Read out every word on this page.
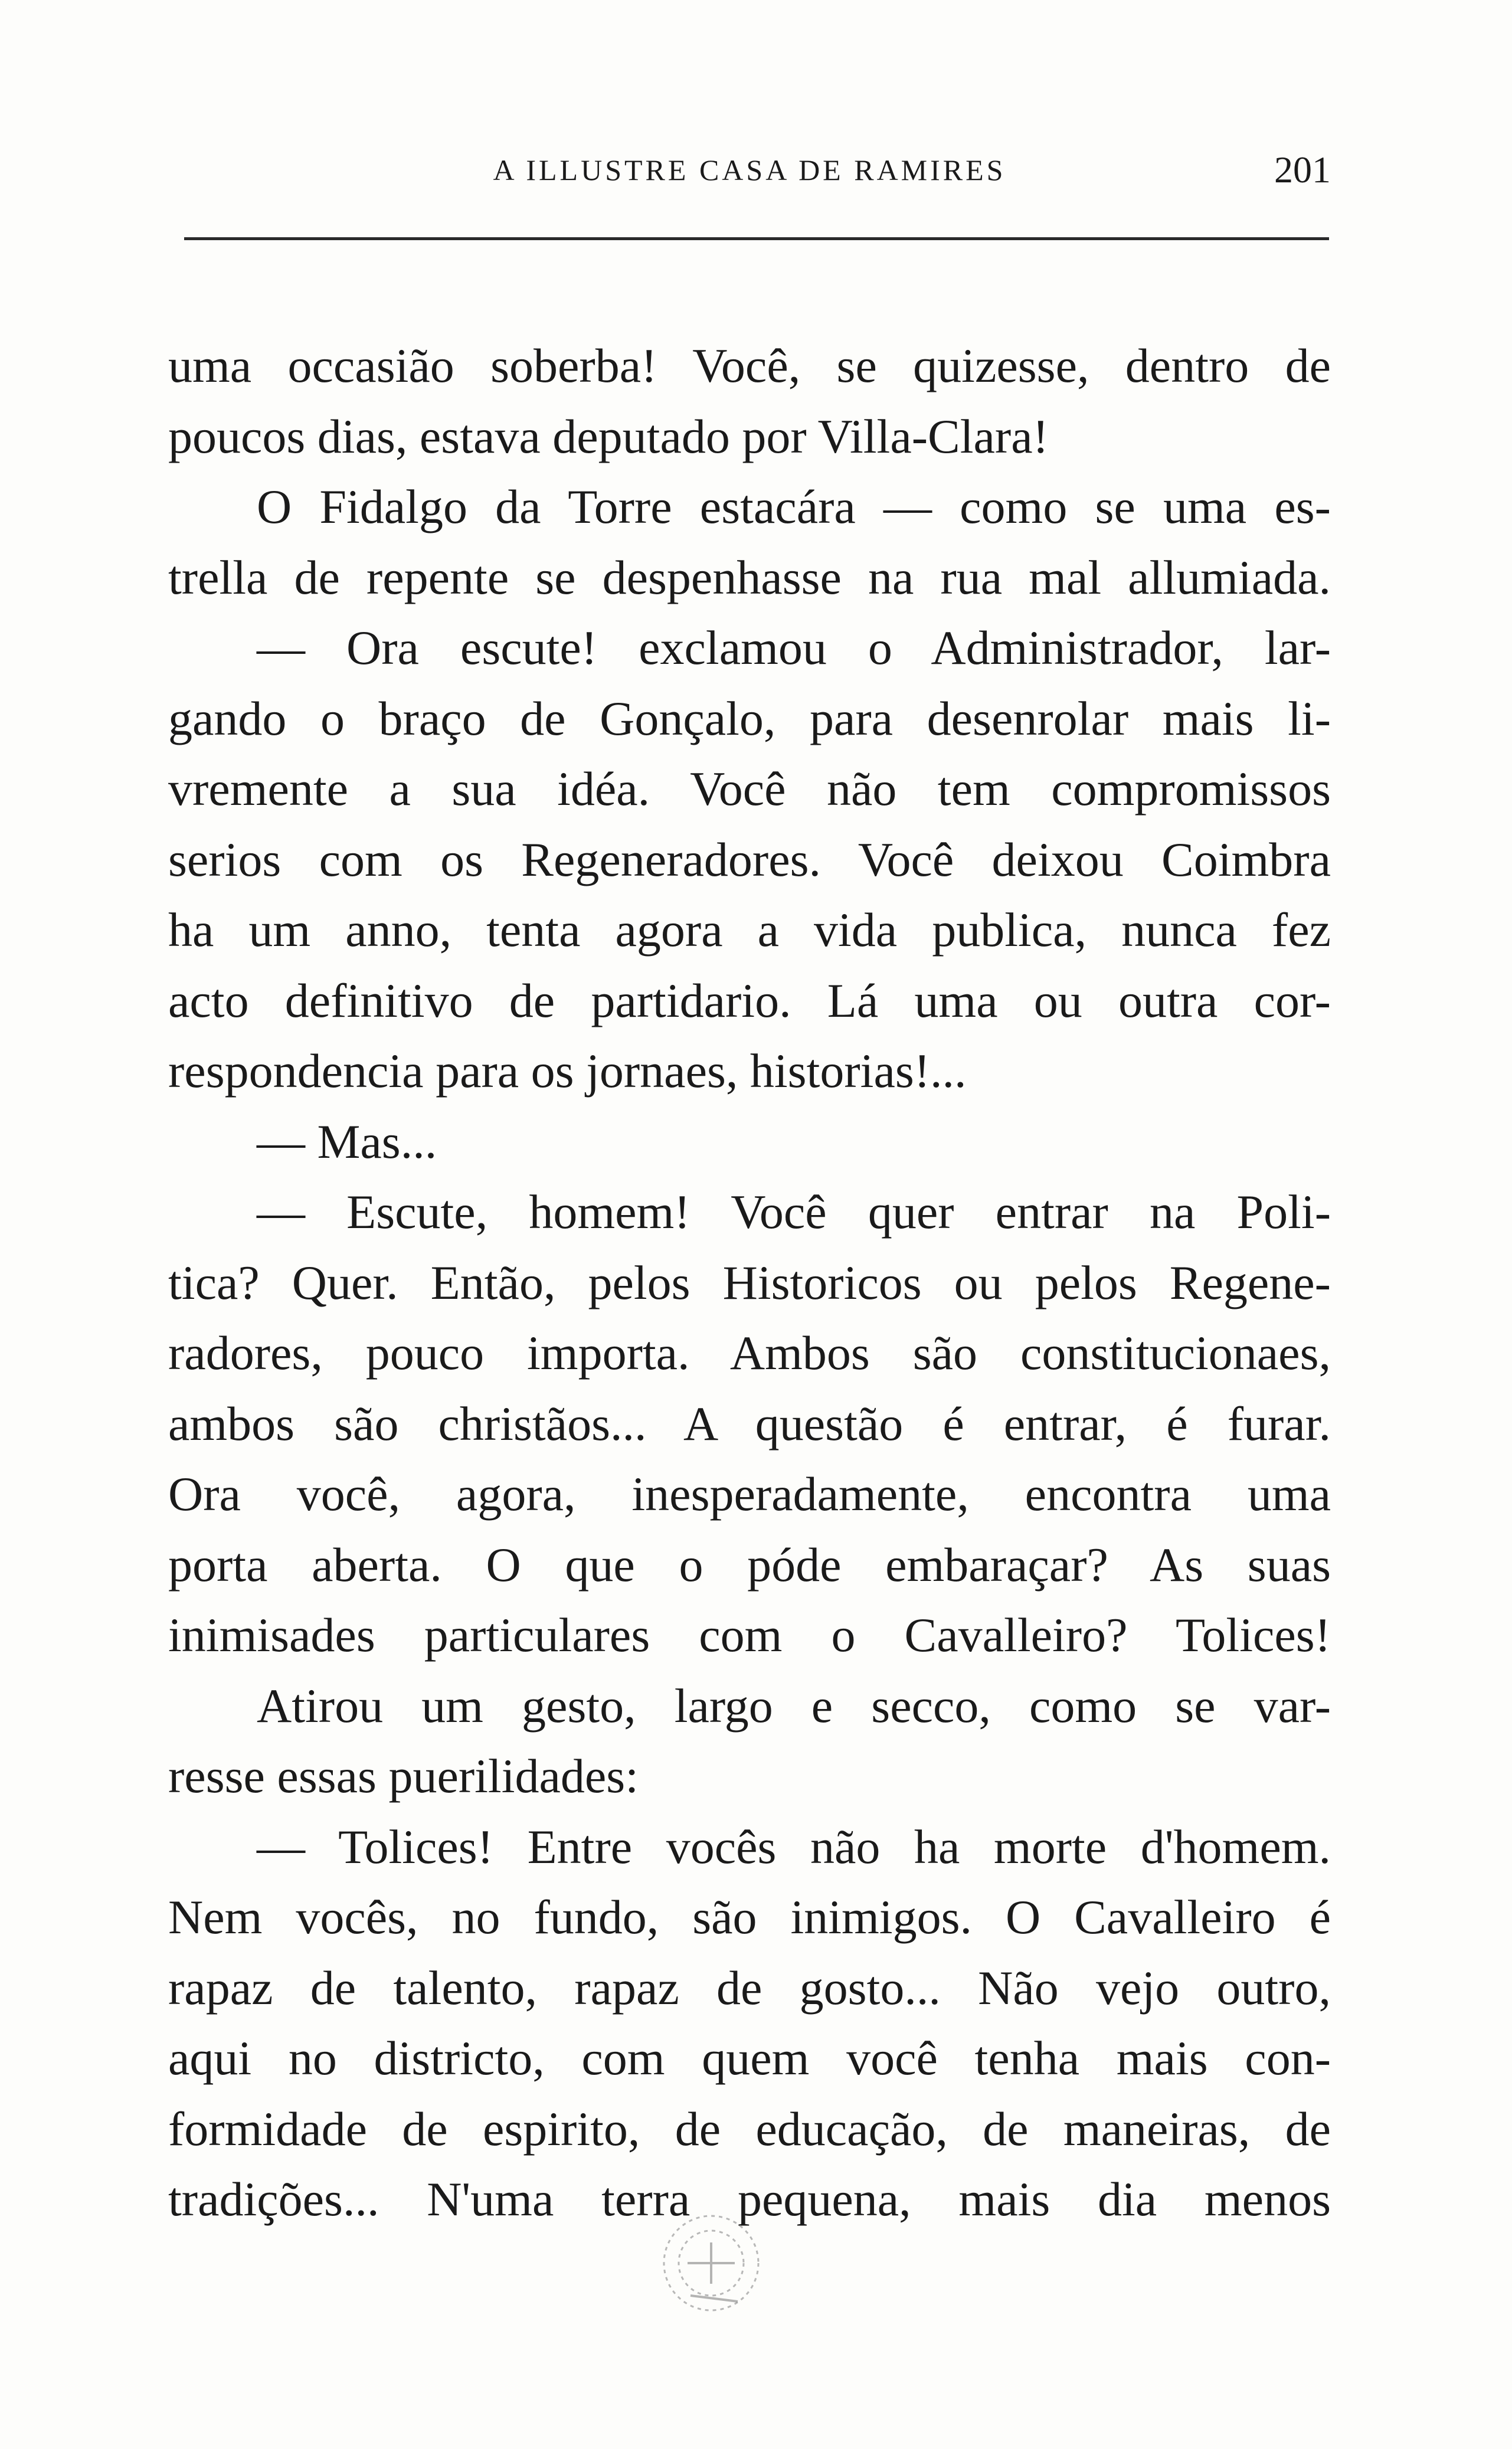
A ILLUSTRE CASA DE RAMIRES	201
uma occasião soberba! Você, se quizesse, dentro de
poucos dias, estava deputado por Villa-Clara!
O Fidalgo da Torre estacára — como se uma es-
trella de repente se despenhasse na rua mal allumiada.
— Ora escute! exclamou o Administrador, lar-
gando o braço de Gonçalo, para desenrolar mais li-
vremente a sua idéa. Você não tem compromissos
serios com os Regeneradores. Você deixou Coimbra
ha um anno, tenta agora a vida publica, nunca fez
acto definitivo de partidario. Lá uma ou outra cor-
respondencia para os jornaes, historias!...
— Mas...
— Escute, homem! Você quer entrar na Poli-
tica? Quer. Então, pelos Historicos ou pelos Regene-
radores, pouco importa. Ambos são constitucionaes,
ambos são christãos... A questão é entrar, é furar.
Ora você, agora, inesperadamente, encontra uma
porta aberta. O que o póde embaraçar? As suas
inimisades particulares com o Cavalleiro? Tolices!
Atirou um gesto, largo e secco, como se var-
resse essas puerilidades:
— Tolices! Entre vocês não ha morte d'homem.
Nem vocês, no fundo, são inimigos. O Cavalleiro é
rapaz de talento, rapaz de gosto... Não vejo outro,
aqui no districto, com quem você tenha mais con-
formidade de espirito, de educação, de maneiras, de
tradições... N'uma terra pequena, mais dia menos
